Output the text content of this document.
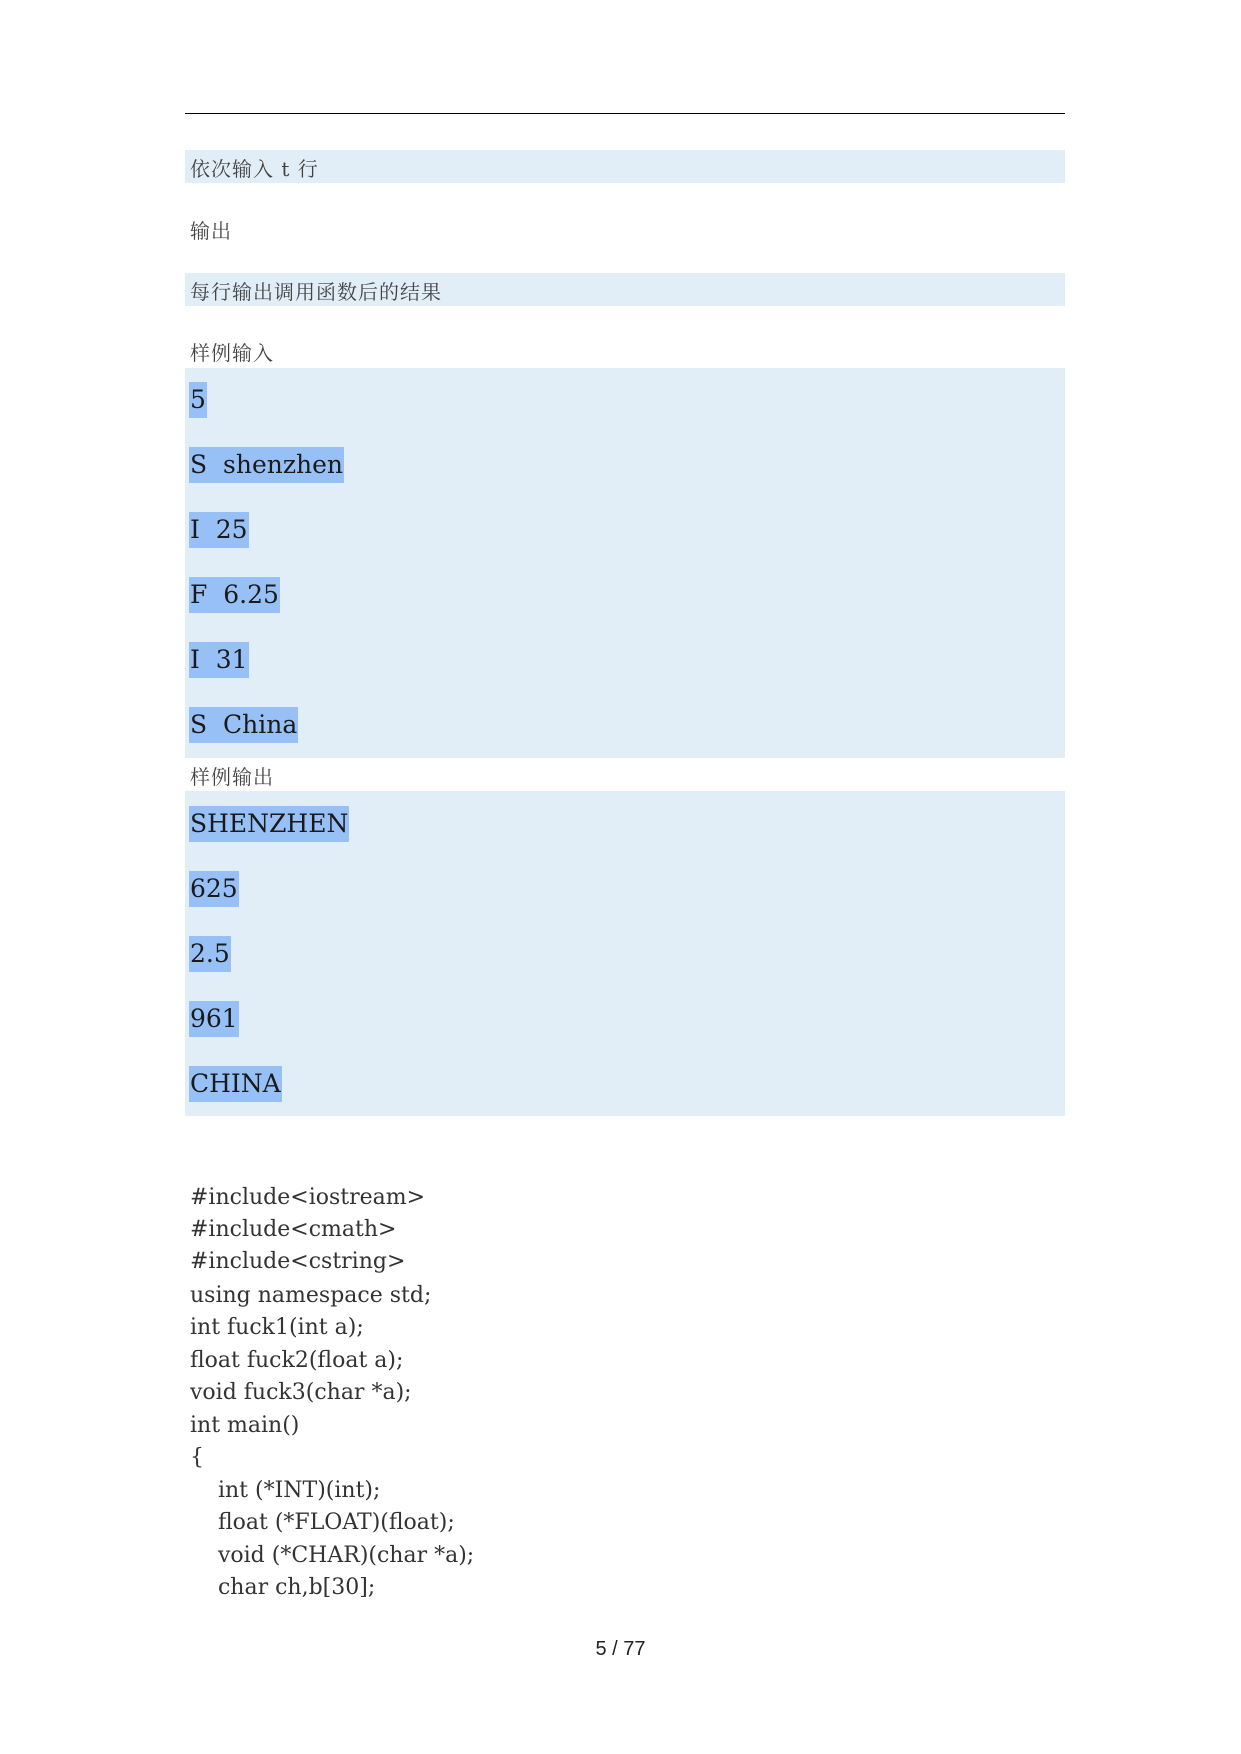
依次输入 t 行
输出
每行输出调用函数后的结果
样例输入
5
S  shenzhen
I  25
F  6.25
I  31
S  China
样例输出
SHENZHEN
625
2.5
961
CHINA
#include<iostream>
#include<cmath>
#include<cstring>
using namespace std;
int fuck1(int a);
float fuck2(float a);
void fuck3(char *a);
int main()
{
int (*INT)(int);
float (*FLOAT)(float);
void (*CHAR)(char *a);
char ch,b[30];
5 / 77
